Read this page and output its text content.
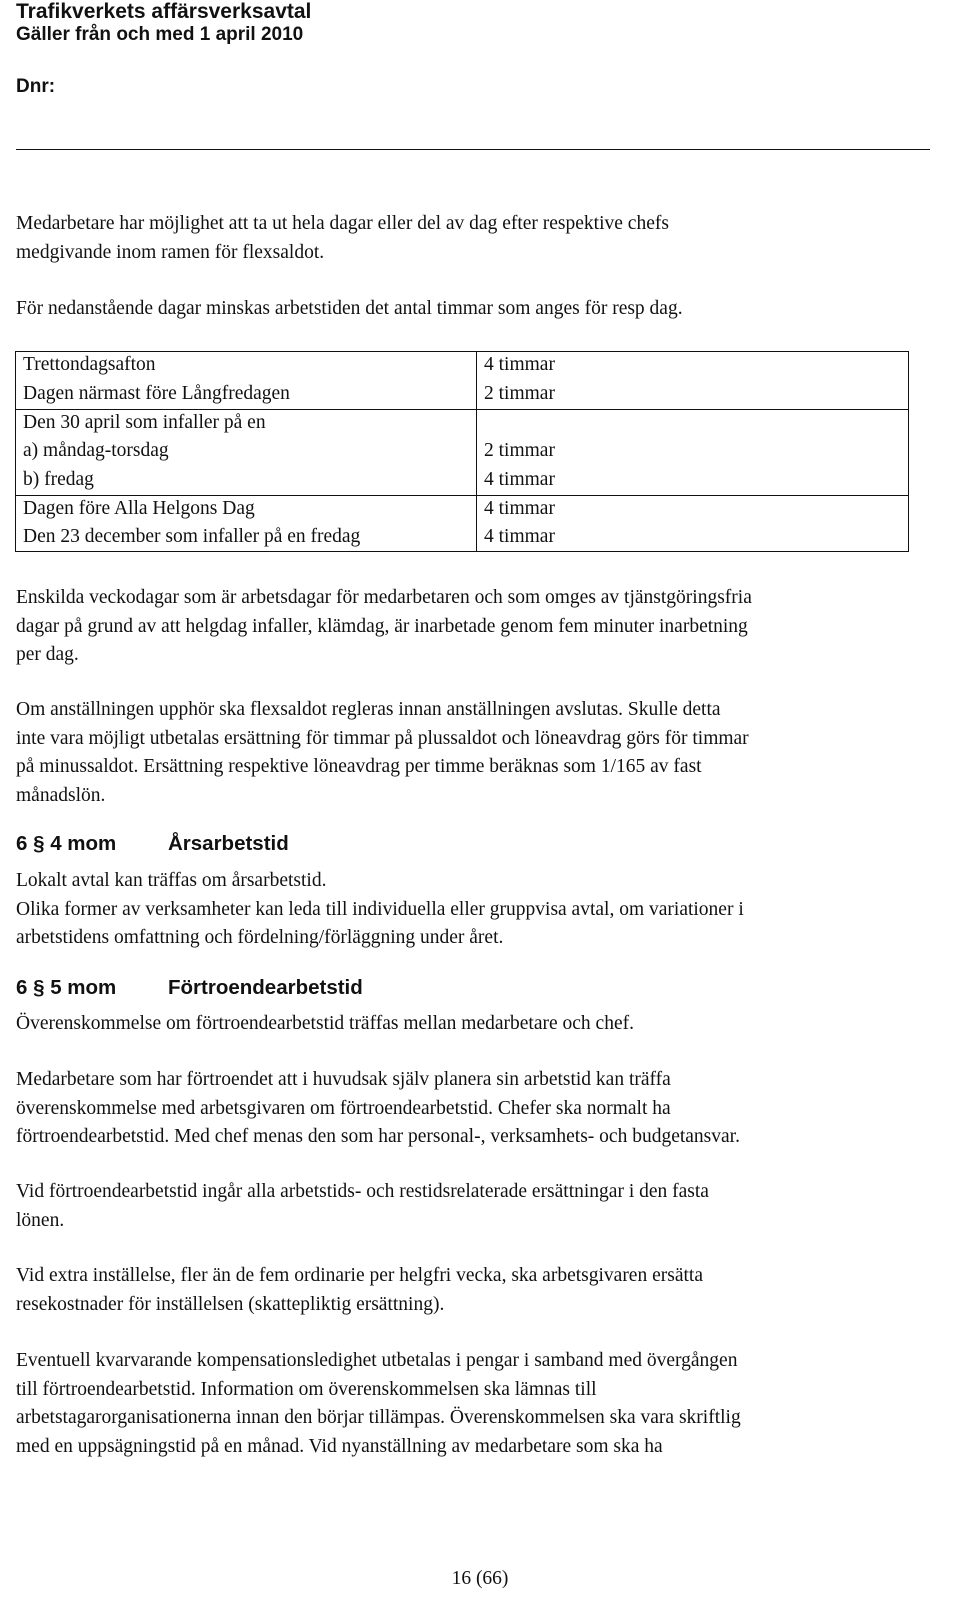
Trafikverkets affärsverksavtal
Gäller från och med 1 april 2010
Dnr:

Medarbetare har möjlighet att ta ut hela dagar eller del av dag efter respektive chefs

medgivande inom ramen för flexsaldot.

För nedanstående dagar minskas arbetstiden det antal timmar som anges för resp dag.

Trettondagsafton	4 timmar
Dagen närmast före Långfredagen	2 timmar
Den 30 april som infaller på en
a) måndag-torsdag	2 timmar
b) fredag	4 timmar
Dagen före Alla Helgons Dag	4 timmar
Den 23 december som infaller på en fredag	4 timmar

Enskilda veckodagar som är arbetsdagar för medarbetaren och som omges av tjänstgöringsfria

dagar på grund av att helgdag infaller, klämdag, är inarbetade genom fem minuter inarbetning

per dag.

Om anställningen upphör ska flexsaldot regleras innan anställningen avslutas. Skulle detta

inte vara möjligt utbetalas ersättning för timmar på plussaldot och löneavdrag görs för timmar

på minussaldot. Ersättning respektive löneavdrag per timme beräknas som 1/165 av fast

månadslön.

6 § 4 mom	Årsarbetstid

Lokalt avtal kan träffas om årsarbetstid.

Olika former av verksamheter kan leda till individuella eller gruppvisa avtal, om variationer i

arbetstidens omfattning och fördelning/förläggning under året.

6 § 5 mom	Förtroendearbetstid

Överenskommelse om förtroendearbetstid träffas mellan medarbetare och chef.

Medarbetare som har förtroendet att i huvudsak själv planera sin arbetstid kan träffa

överenskommelse med arbetsgivaren om förtroendearbetstid. Chefer ska normalt ha

förtroendearbetstid. Med chef menas den som har personal-, verksamhets- och budgetansvar.

Vid förtroendearbetstid ingår alla arbetstids- och restidsrelaterade ersättningar i den fasta

lönen.

Vid extra inställelse, fler än de fem ordinarie per helgfri vecka, ska arbetsgivaren ersätta

resekostnader för inställelsen (skattepliktig ersättning).

Eventuell kvarvarande kompensationsledighet utbetalas i pengar i samband med övergången

till förtroendearbetstid. Information om överenskommelsen ska lämnas till

arbetstagarorganisationerna innan den börjar tillämpas. Överenskommelsen ska vara skriftlig

med en uppsägningstid på en månad. Vid nyanställning av medarbetare som ska ha

16 (66)
